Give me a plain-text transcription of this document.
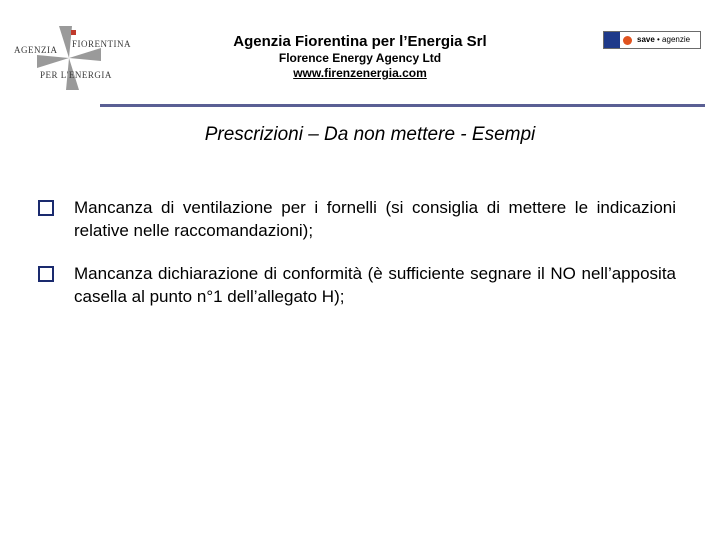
AGENZIA
FIORENTINA
PER L'ENERGIA
Agenzia Fiorentina per l’Energia Srl
Florence Energy Agency Ltd
www.firenzenergia.com
save • agenzie
Prescrizioni – Da non mettere - Esempi
Mancanza di ventilazione per i fornelli (si consiglia di mettere le indicazioni relative nelle raccomandazioni);
Mancanza dichiarazione di conformità (è sufficiente segnare il NO nell’apposita casella al punto n°1 dell’allegato H);
